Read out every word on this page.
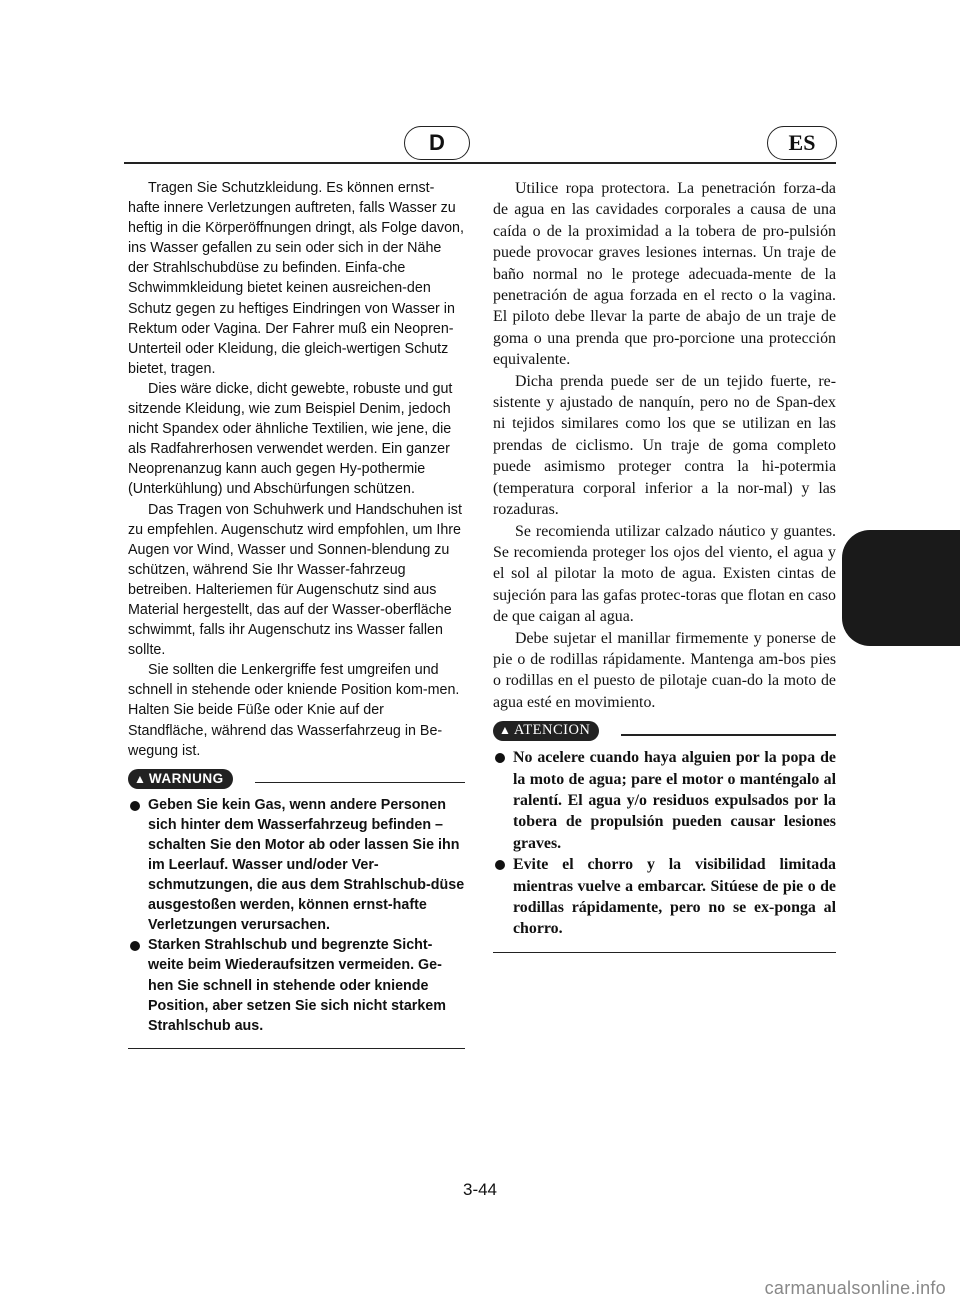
D	ES

Tragen Sie Schutzkleidung. Es können ernst-hafte innere Verletzungen auftreten, falls Wasser zu heftig in die Körperöffnungen dringt, als Folge davon, ins Wasser gefallen zu sein oder sich in der Nähe der Strahlschubdüse zu befinden. Einfa-che Schwimmkleidung bietet keinen ausreichen-den Schutz gegen zu heftiges Eindringen von Wasser in Rektum oder Vagina. Der Fahrer muß ein Neopren-Unterteil oder Kleidung, die gleich-wertigen Schutz bietet, tragen.

Dies wäre dicke, dicht gewebte, robuste und gut sitzende Kleidung, wie zum Beispiel Denim, jedoch nicht Spandex oder ähnliche Textilien, wie jene, die als Radfahrerhosen verwendet werden. Ein ganzer Neoprenanzug kann auch gegen Hy-pothermie (Unterkühlung) und Abschürfungen schützen.

Das Tragen von Schuhwerk und Handschuhen ist zu empfehlen. Augenschutz wird empfohlen, um Ihre Augen vor Wind, Wasser und Sonnen-blendung zu schützen, während Sie Ihr Wasser-fahrzeug betreiben. Halteriemen für Augenschutz sind aus Material hergestellt, das auf der Wasser-oberfläche schwimmt, falls ihr Augenschutz ins Wasser fallen sollte.

Sie sollten die Lenkergriffe fest umgreifen und schnell in stehende oder kniende Position kom-men. Halten Sie beide Füße oder Knie auf der Standfläche, während das Wasserfahrzeug in Be-wegung ist.

▲ WARNUNG
Geben Sie kein Gas, wenn andere Personen sich hinter dem Wasserfahrzeug befinden – schalten Sie den Motor ab oder lassen Sie ihn im Leerlauf. Wasser und/oder Ver-schmutzungen, die aus dem Strahlschub-düse ausgestoßen werden, können ernst-hafte Verletzungen verursachen.
Starken Strahlschub und begrenzte Sicht-weite beim Wiederaufsitzen vermeiden. Ge-hen Sie schnell in stehende oder kniende Position, aber setzen Sie sich nicht starkem Strahlschub aus.

Utilice ropa protectora. La penetración forza-da de agua en las cavidades corporales a causa de una caída o de la proximidad a la tobera de pro-pulsión puede provocar graves lesiones internas. Un traje de baño normal no le protege adecuada-mente de la penetración de agua forzada en el recto o la vagina. El piloto debe llevar la parte de abajo de un traje de goma o una prenda que pro-porcione una protección equivalente.

Dicha prenda puede ser de un tejido fuerte, re-sistente y ajustado de nanquín, pero no de Span-dex ni tejidos similares como los que se utilizan en las prendas de ciclismo. Un traje de goma completo puede asimismo proteger contra la hi-potermia (temperatura corporal inferior a la nor-mal) y las rozaduras.

Se recomienda utilizar calzado náutico y guantes. Se recomienda proteger los ojos del viento, el agua y el sol al pilotar la moto de agua. Existen cintas de sujeción para las gafas protec-toras que flotan en caso de que caigan al agua.

Debe sujetar el manillar firmemente y ponerse de pie o de rodillas rápidamente. Mantenga am-bos pies o rodillas en el puesto de pilotaje cuan-do la moto de agua esté en movimiento.

▲ ATENCION
No acelere cuando haya alguien por la popa de la moto de agua; pare el motor o manténgalo al ralentí. El agua y/o residuos expulsados por la tobera de propulsión pueden causar lesiones graves.
Evite el chorro y la visibilidad limitada mientras vuelve a embarcar. Sitúese de pie o de rodillas rápidamente, pero no se ex-ponga al chorro.
3-44
carmanualsonline.info
